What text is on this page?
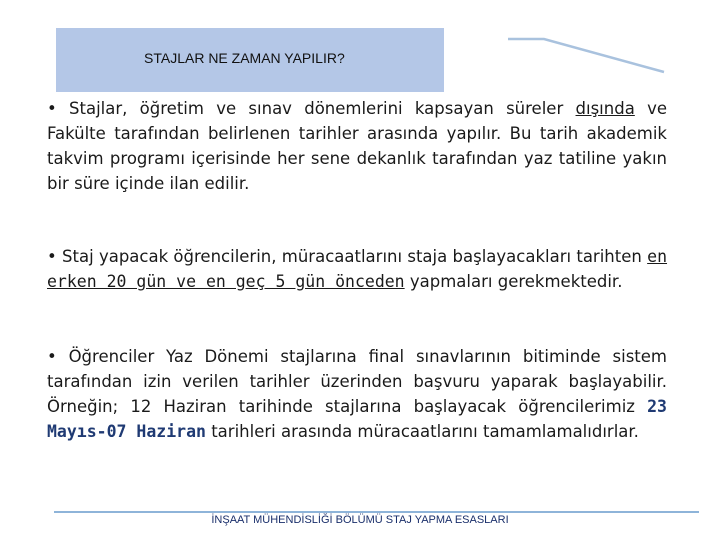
STAJLAR NE ZAMAN YAPILIR?

• Stajlar, öğretim ve sınav dönemlerini kapsayan süreler dışında ve Fakülte tarafından belirlenen tarihler arasında yapılır. Bu tarih akademik takvim programı içerisinde her sene dekanlık tarafından yaz tatiline yakın bir süre içinde ilan edilir.

• Staj yapacak öğrencilerin, müracaatlarını staja başlayacakları tarihten en erken 20 gün ve en geç 5 gün önceden yapmaları gerekmektedir.

• Öğrenciler Yaz Dönemi stajlarına final sınavlarının bitiminde sistem tarafından izin verilen tarihler üzerinden başvuru yaparak başlayabilir. Örneğin; 12 Haziran tarihinde stajlarına başlayacak öğrencilerimiz 23 Mayıs-07 Haziran tarihleri arasında müracaatlarını tamamlamalıdırlar.

İNŞAAT MÜHENDİSLİĞİ BÖLÜMÜ STAJ YAPMA ESASLARI
